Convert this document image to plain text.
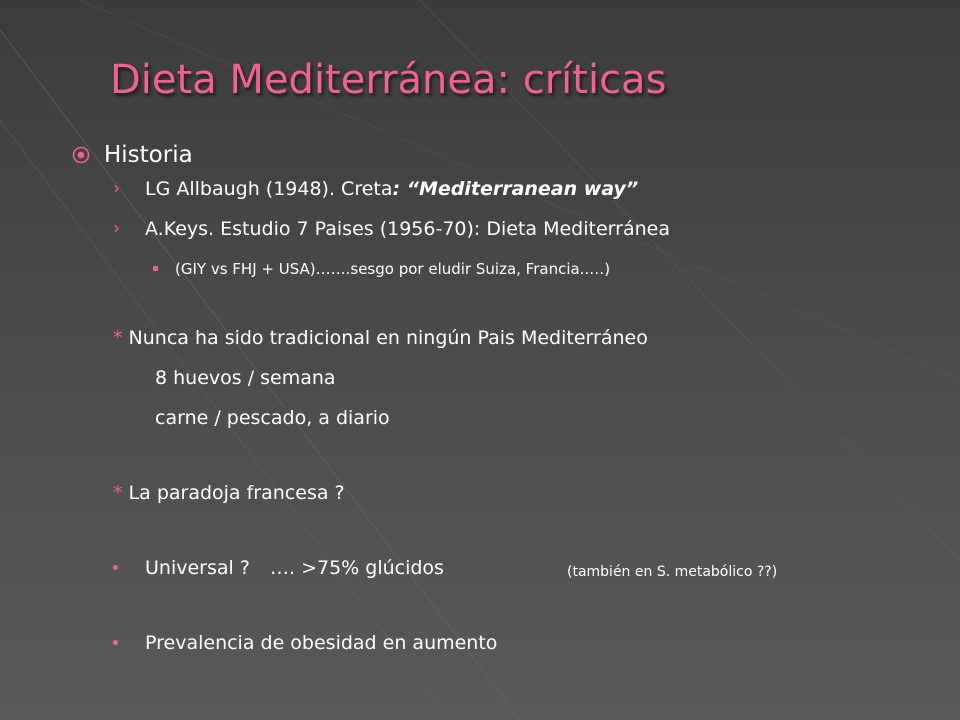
Dieta Mediterránea: críticas
Historia
› LG Allbaugh (1948). Creta: “Mediterranean way”
› A.Keys. Estudio 7 Paises (1956-70): Dieta Mediterránea
(GIY vs FHJ + USA)…….sesgo por eludir Suiza, Francia..…)
* Nunca ha sido tradicional en ningún Pais Mediterráneo
8 huevos / semana
carne / pescado, a diario
* La paradoja francesa ?
Universal ? …. >75% glúcidos	(también en S. metabólico ??)
Prevalencia de obesidad en aumento
